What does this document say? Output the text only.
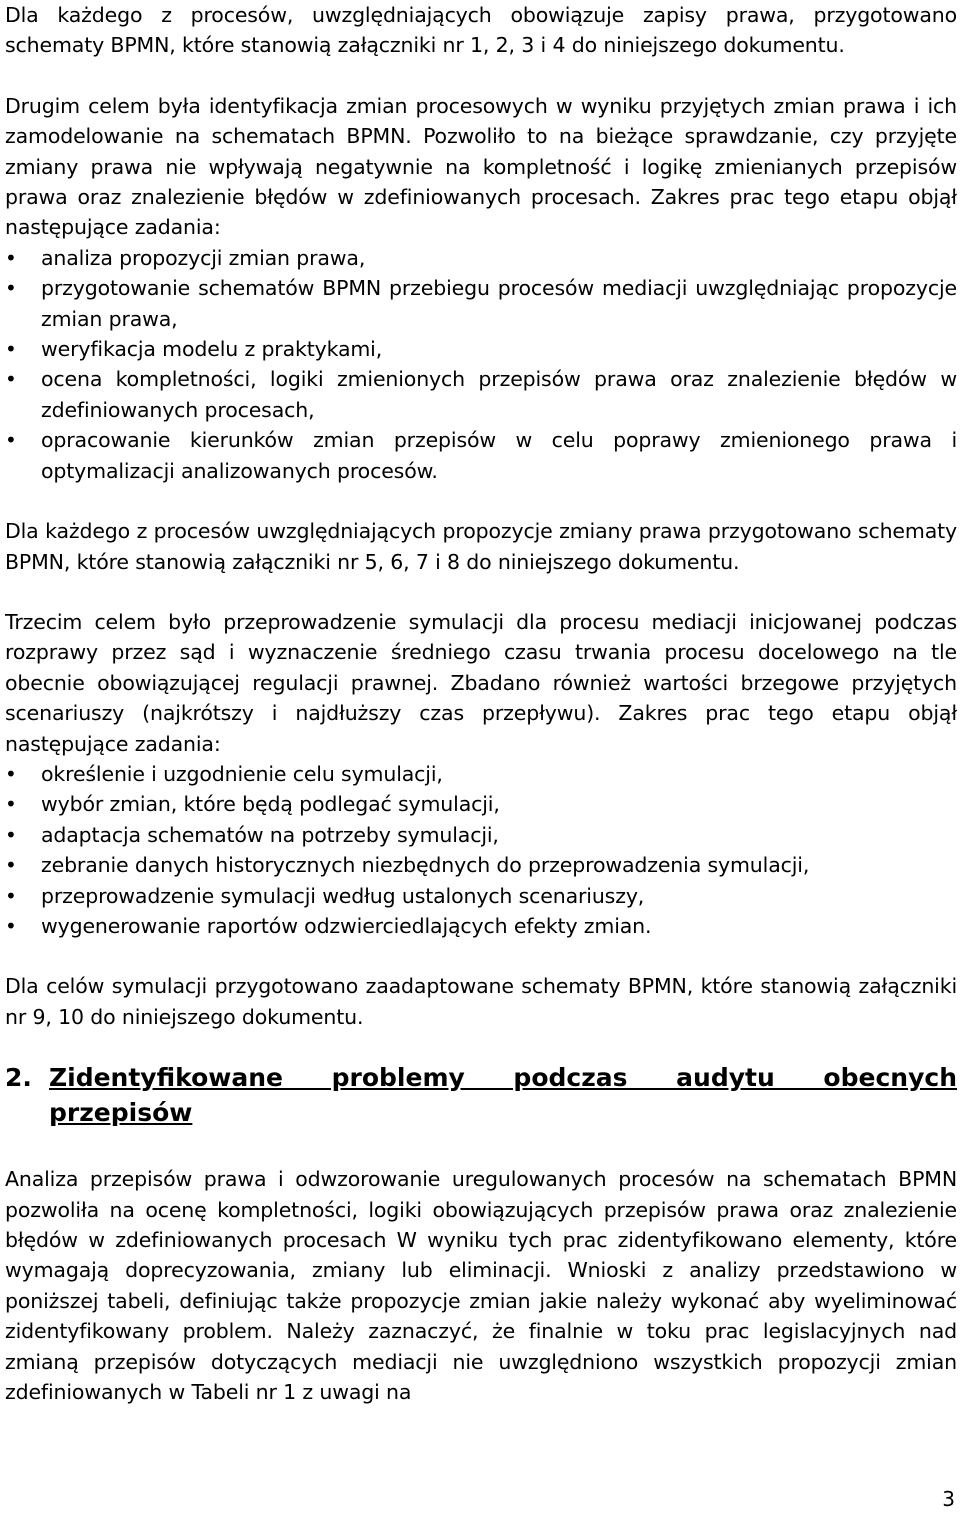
Dla każdego z procesów, uwzględniających obowiązuje zapisy prawa, przygotowano schematy BPMN, które stanowią załączniki nr 1, 2, 3 i 4 do niniejszego dokumentu.

Drugim celem była identyfikacja zmian procesowych w wyniku przyjętych zmian prawa i ich zamodelowanie na schematach BPMN. Pozwoliło to na bieżące sprawdzanie, czy przyjęte zmiany prawa nie wpływają negatywnie na kompletność i logikę zmienianych przepisów prawa oraz znalezienie błędów w zdefiniowanych procesach. Zakres prac tego etapu objął następujące zadania:

• analiza propozycji zmian prawa,
• przygotowanie schematów BPMN przebiegu procesów mediacji uwzględniając propozycje zmian prawa,
• weryfikacja modelu z praktykami,
• ocena kompletności, logiki zmienionych przepisów prawa oraz znalezienie błędów w zdefiniowanych procesach,
• opracowanie kierunków zmian przepisów w celu poprawy zmienionego prawa i optymalizacji analizowanych procesów.

Dla każdego z procesów uwzględniających propozycje zmiany prawa przygotowano schematy BPMN, które stanowią załączniki nr 5, 6, 7 i 8 do niniejszego dokumentu.

Trzecim celem było przeprowadzenie symulacji dla procesu mediacji inicjowanej podczas rozprawy przez sąd i wyznaczenie średniego czasu trwania procesu docelowego na tle obecnie obowiązującej regulacji prawnej. Zbadano również wartości brzegowe przyjętych scenariuszy (najkrótszy i najdłuższy czas przepływu). Zakres prac tego etapu objął następujące zadania:

• określenie i uzgodnienie celu symulacji,
• wybór zmian, które będą podlegać symulacji,
• adaptacja schematów na potrzeby symulacji,
• zebranie danych historycznych niezbędnych do przeprowadzenia symulacji,
• przeprowadzenie symulacji według ustalonych scenariuszy,
• wygenerowanie raportów odzwierciedlających efekty zmian.

Dla celów symulacji przygotowano zaadaptowane schematy BPMN, które stanowią załączniki nr 9, 10 do niniejszego dokumentu.

2. Zidentyfikowane problemy podczas audytu obecnych przepisów

Analiza przepisów prawa i odwzorowanie uregulowanych procesów na schematach BPMN pozwoliła na ocenę kompletności, logiki obowiązujących przepisów prawa oraz znalezienie błędów w zdefiniowanych procesach W wyniku tych prac zidentyfikowano elementy, które wymagają doprecyzowania, zmiany lub eliminacji. Wnioski z analizy przedstawiono w poniższej tabeli, definiując także propozycje zmian jakie należy wykonać aby wyeliminować zidentyfikowany problem. Należy zaznaczyć, że finalnie w toku prac legislacyjnych nad zmianą przepisów dotyczących mediacji nie uwzględniono wszystkich propozycji zmian zdefiniowanych w Tabeli nr 1 z uwagi na

3
